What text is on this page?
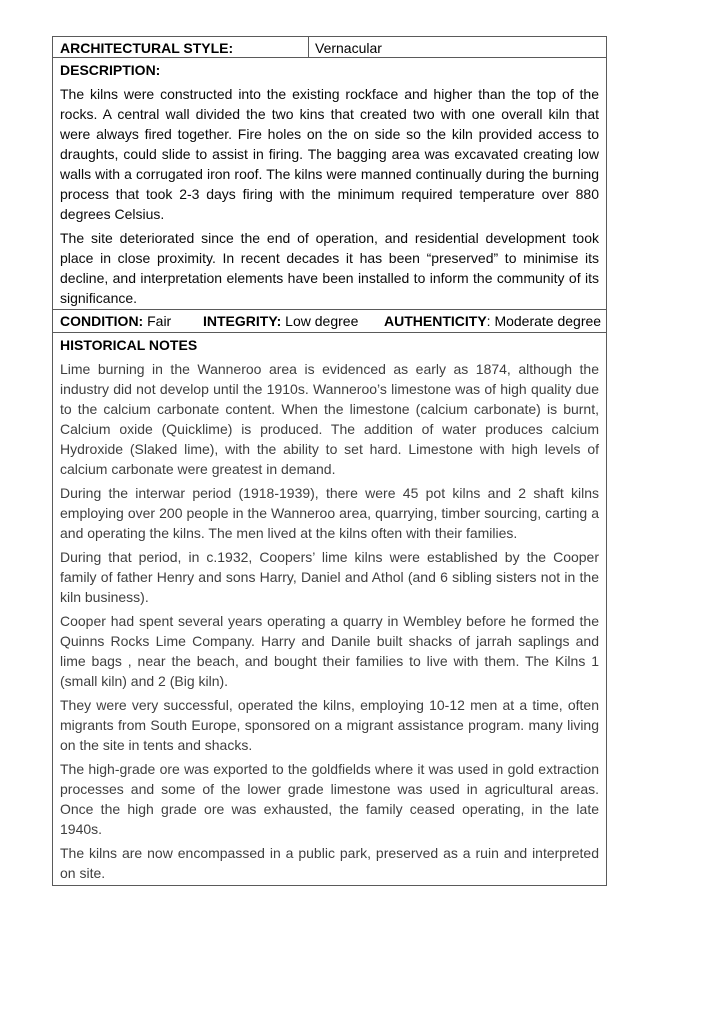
ARCHITECTURAL STYLE:	Vernacular
DESCRIPTION:

The kilns were constructed into the existing rockface and higher than the top of the rocks. A central wall divided the two kins that created two with one overall kiln that were always fired together. Fire holes on the on side so the kiln provided access to draughts, could slide to assist in firing. The bagging area was excavated creating low walls with a corrugated iron roof. The kilns were manned continually during the burning process that took 2-3 days firing with the minimum required temperature over 880 degrees Celsius.

The site deteriorated since the end of operation, and residential development took place in close proximity. In recent decades it has been “preserved” to minimise its decline, and interpretation elements have been installed to inform the community of its significance.

CONDITION: Fair	INTEGRITY: Low degree	AUTHENTICITY: Moderate degree
HISTORICAL NOTES

Lime burning in the Wanneroo area is evidenced as early as 1874, although the industry did not develop until the 1910s. Wanneroo’s limestone was of high quality due to the calcium carbonate content. When the limestone (calcium carbonate) is burnt, Calcium oxide (Quicklime) is produced. The addition of water produces calcium Hydroxide (Slaked lime), with the ability to set hard. Limestone with high levels of calcium carbonate were greatest in demand.

During the interwar period (1918-1939), there were 45 pot kilns and 2 shaft kilns employing over 200 people in the Wanneroo area, quarrying, timber sourcing, carting a and operating the kilns. The men lived at the kilns often with their families.

During that period, in c.1932, Coopers’ lime kilns were established by the Cooper family of father Henry and sons Harry, Daniel and Athol (and 6 sibling sisters not in the kiln business).

Cooper had spent several years operating a quarry in Wembley before he formed the Quinns Rocks Lime Company. Harry and Danile built shacks of jarrah saplings and lime bags , near the beach, and bought their families to live with them. The Kilns 1 (small kiln) and 2 (Big kiln).

They were very successful, operated the kilns, employing 10-12 men at a time, often migrants from South Europe, sponsored on a migrant assistance program. many living on the site in tents and shacks.

The high-grade ore was exported to the goldfields where it was used in gold extraction processes and some of the lower grade limestone was used in agricultural areas. Once the high grade ore was exhausted, the family ceased operating, in the late 1940s.

The kilns are now encompassed in a public park, preserved as a ruin and interpreted on site.
